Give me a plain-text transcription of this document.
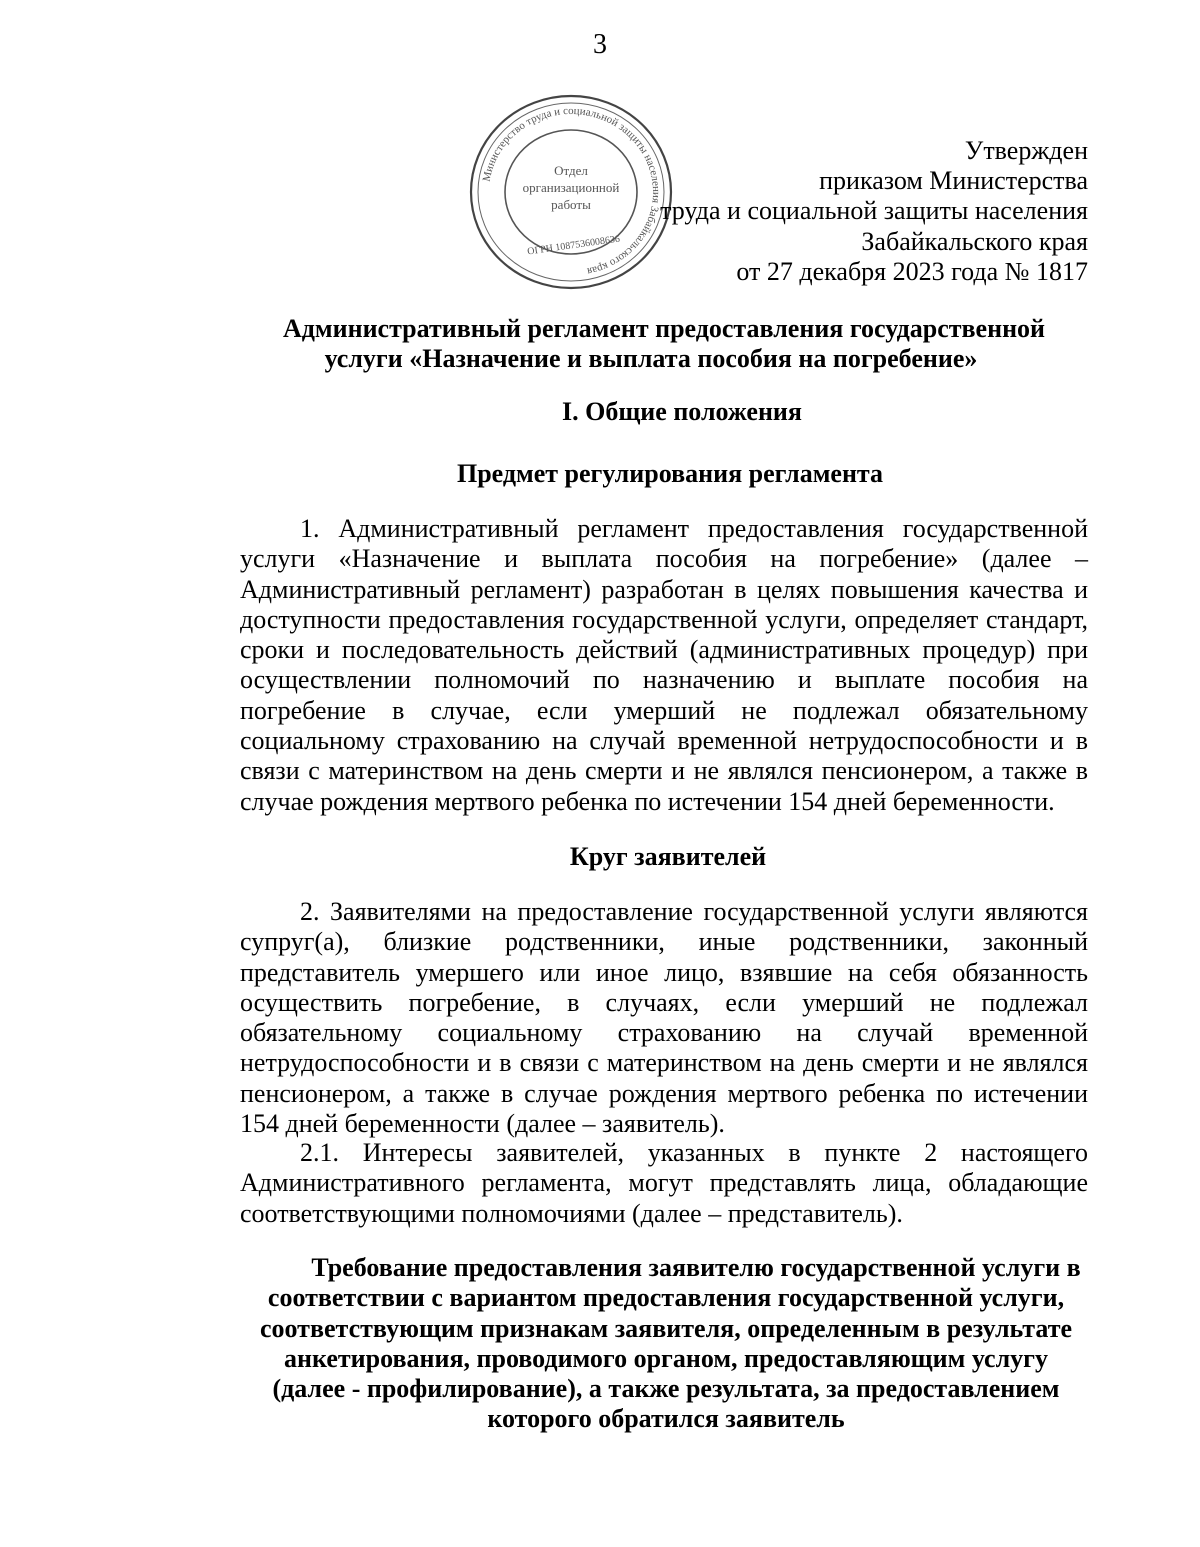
3
Министерство труда и социальной защиты населения Забайкальского края
Отдел
организационной
работы
ОГРН 1087536008636
Утвержден
приказом Министерства
труда и социальной защиты населения
Забайкальского края
от 27 декабря 2023 года № 1817
Административный регламент предоставления государственной
услуги «Назначение и выплата пособия на погребение»
I. Общие положения
Предмет регулирования регламента

1. Административный регламент предоставления государственной услуги «Назначение и выплата пособия на погребение» (далее – Административный регламент) разработан в целях повышения качества и доступности предоставления государственной услуги, определяет стандарт, сроки и последовательность действий (административных процедур) при осуществлении полномочий по назначению и выплате пособия на погребение в случае, если умерший не подлежал обязательному социальному страхованию на случай временной нетрудоспособности и в связи с материнством на день смерти и не являлся пенсионером, а также в случае рождения мертвого ребенка по истечении 154 дней беременности.

Круг заявителей

2. Заявителями на предоставление государственной услуги являются супруг(а), близкие родственники, иные родственники, законный представитель умершего или иное лицо, взявшие на себя обязанность осуществить погребение, в случаях, если умерший не подлежал обязательному социальному страхованию на случай временной нетрудоспособности и в связи с материнством на день смерти и не являлся пенсионером, а также в случае рождения мертвого ребенка по истечении 154 дней беременности (далее – заявитель).

2.1. Интересы заявителей, указанных в пункте 2 настоящего Административного регламента, могут представлять лица, обладающие соответствующими полномочиями (далее – представитель).

Требование предоставления заявителю государственной услуги в
соответствии с вариантом предоставления государственной услуги,
соответствующим признакам заявителя, определенным в результате
анкетирования, проводимого органом, предоставляющим услугу
(далее - профилирование), а также результата, за предоставлением
которого обратился заявитель
